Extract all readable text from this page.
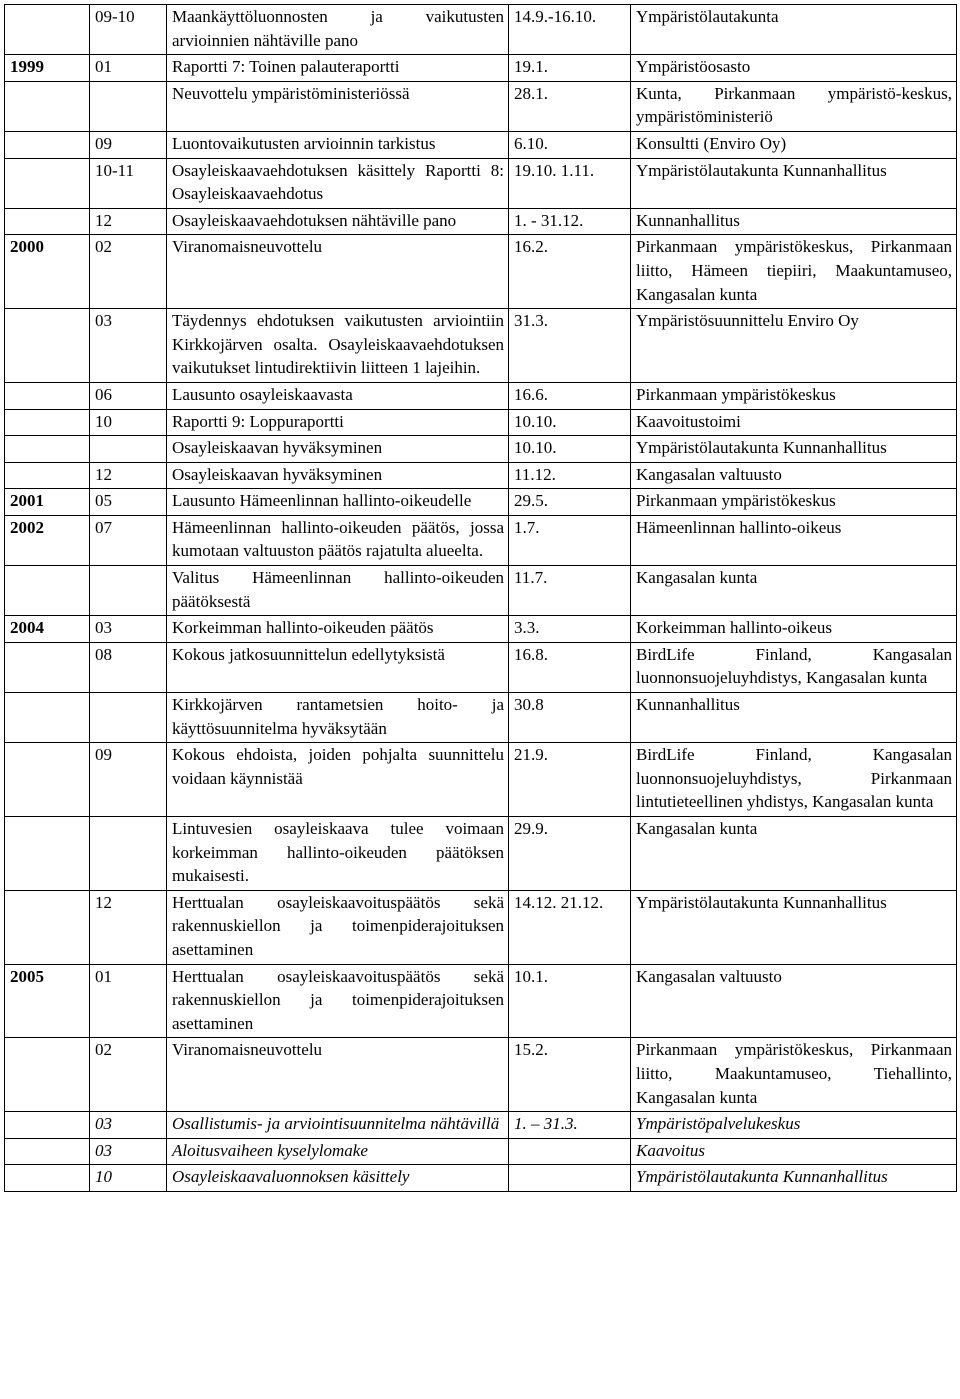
	09-10	Maankäyttöluonnosten ja vaikutusten arvioinnien nähtäville pano	14.9.-16.10.	Ympäristölautakunta
1999	01	Raportti 7: Toinen palauteraportti	19.1.	Ympäristöosasto
		Neuvottelu ympäristöministeriössä	28.1.	Kunta, Pirkanmaan ympäristö-keskus, ympäristöministeriö
	09	Luontovaikutusten arvioinnin tarkistus	6.10.	Konsultti (Enviro Oy)
	10-11	Osayleiskaavaehdotuksen käsittely Raportti 8: Osayleiskaavaehdotus	19.10. 1.11.	Ympäristölautakunta Kunnanhallitus
	12	Osayleiskaavaehdotuksen nähtäville pano	1. - 31.12.	Kunnanhallitus
2000	02	Viranomaisneuvottelu	16.2.	Pirkanmaan ympäristökeskus, Pirkanmaan liitto, Hämeen tiepiiri, Maakuntamuseo, Kangasalan kunta
	03	Täydennys ehdotuksen vaikutusten arviointiin Kirkkojärven osalta. Osayleiskaavaehdotuksen vaikutukset lintudirektiivin liitteen 1 lajeihin.	31.3.	Ympäristösuunnittelu Enviro Oy
	06	Lausunto osayleiskaavasta	16.6.	Pirkanmaan ympäristökeskus
	10	Raportti 9: Loppuraportti	10.10.	Kaavoitustoimi
		Osayleiskaavan hyväksyminen	10.10.	Ympäristölautakunta Kunnanhallitus
	12	Osayleiskaavan hyväksyminen	11.12.	Kangasalan valtuusto
2001	05	Lausunto Hämeenlinnan hallinto-oikeudelle	29.5.	Pirkanmaan ympäristökeskus
2002	07	Hämeenlinnan hallinto-oikeuden päätös, jossa kumotaan valtuuston päätös rajatulta alueelta.	1.7.	Hämeenlinnan hallinto-oikeus
		Valitus Hämeenlinnan hallinto-oikeuden päätöksestä	11.7.	Kangasalan kunta
2004	03	Korkeimman hallinto-oikeuden päätös	3.3.	Korkeimman hallinto-oikeus
	08	Kokous jatkosuunnittelun edellytyksistä	16.8.	BirdLife Finland, Kangasalan luonnonsuojeluyhdistys, Kangasalan kunta
		Kirkkojärven rantametsien hoito- ja käyttösuunnitelma hyväksytään	30.8	Kunnanhallitus
	09	Kokous ehdoista, joiden pohjalta suunnittelu voidaan käynnistää	21.9.	BirdLife Finland, Kangasalan luonnonsuojeluyhdistys, Pirkanmaan lintutieteellinen yhdistys, Kangasalan kunta
		Lintuvesien osayleiskaava tulee voimaan korkeimman hallinto-oikeuden päätöksen mukaisesti.	29.9.	Kangasalan kunta
	12	Herttualan osayleiskaavoituspäätös sekä rakennuskiellon ja toimenpiderajoituksen asettaminen	14.12. 21.12.	Ympäristölautakunta Kunnanhallitus
2005	01	Herttualan osayleiskaavoituspäätös sekä rakennuskiellon ja toimenpiderajoituksen asettaminen	10.1.	Kangasalan valtuusto
	02	Viranomaisneuvottelu	15.2.	Pirkanmaan ympäristökeskus, Pirkanmaan liitto, Maakuntamuseo, Tiehallinto, Kangasalan kunta
	03	Osallistumis- ja arviointisuunnitelma nähtävillä	1. – 31.3.	Ympäristöpalvelukeskus
	03	Aloitusvaiheen kyselylomake		Kaavoitus
	10	Osayleiskaavaluonnoksen käsittely		Ympäristölautakunta Kunnanhallitus
